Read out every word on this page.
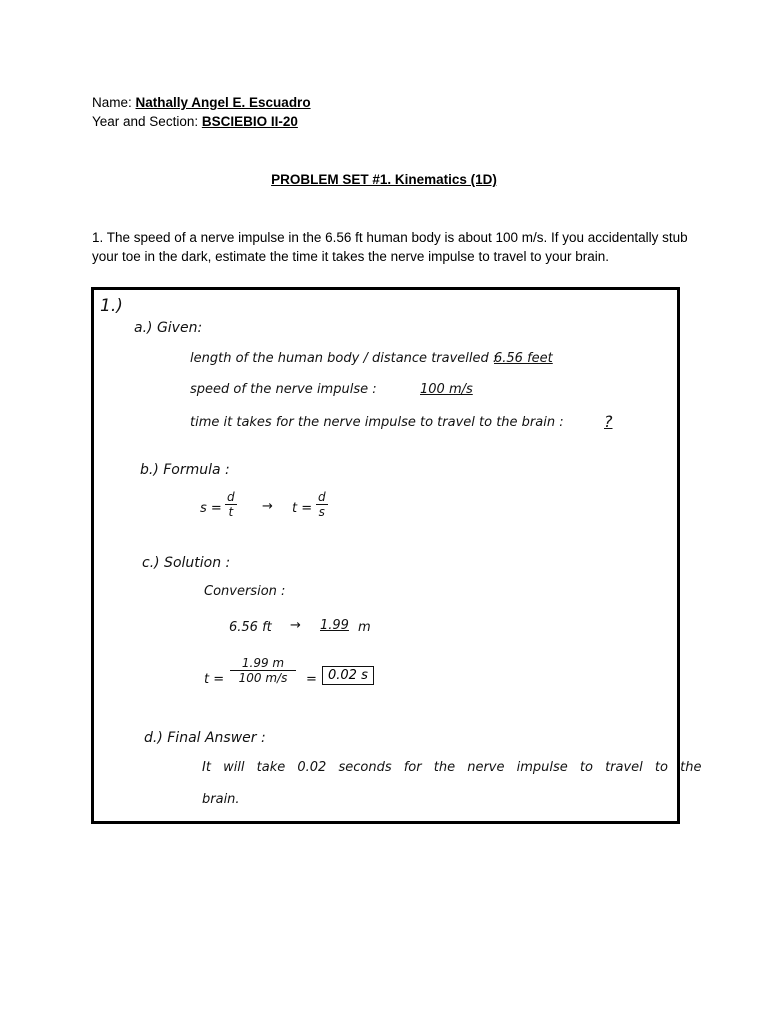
Name: Nathally Angel E. Escuadro
Year and Section: BSCIEBIO II-20
PROBLEM SET #1. Kinematics (1D)
1. The speed of a nerve impulse in the 6.56 ft human body is about 100 m/s. If you accidentally stub your toe in the dark, estimate the time it takes the nerve impulse to travel to your brain.
1.)
a.) Given:
length of the human body / distance travelled :
6.56 feet
speed of the nerve impulse :	100 m/s
time it takes for the nerve impulse to travel to the brain :	?
b.) Formula :
$s = \frac{d}{t} \to t = \frac{d}{s}$
c.) Solution :
Conversion :
6.56 ft → 1.99 m
$t = \frac{1.99 m}{100 m/s} = 0.02$ s
d.) Final Answer :
It will take 0.02 seconds for the nerve impulse to travel to the
brain.
